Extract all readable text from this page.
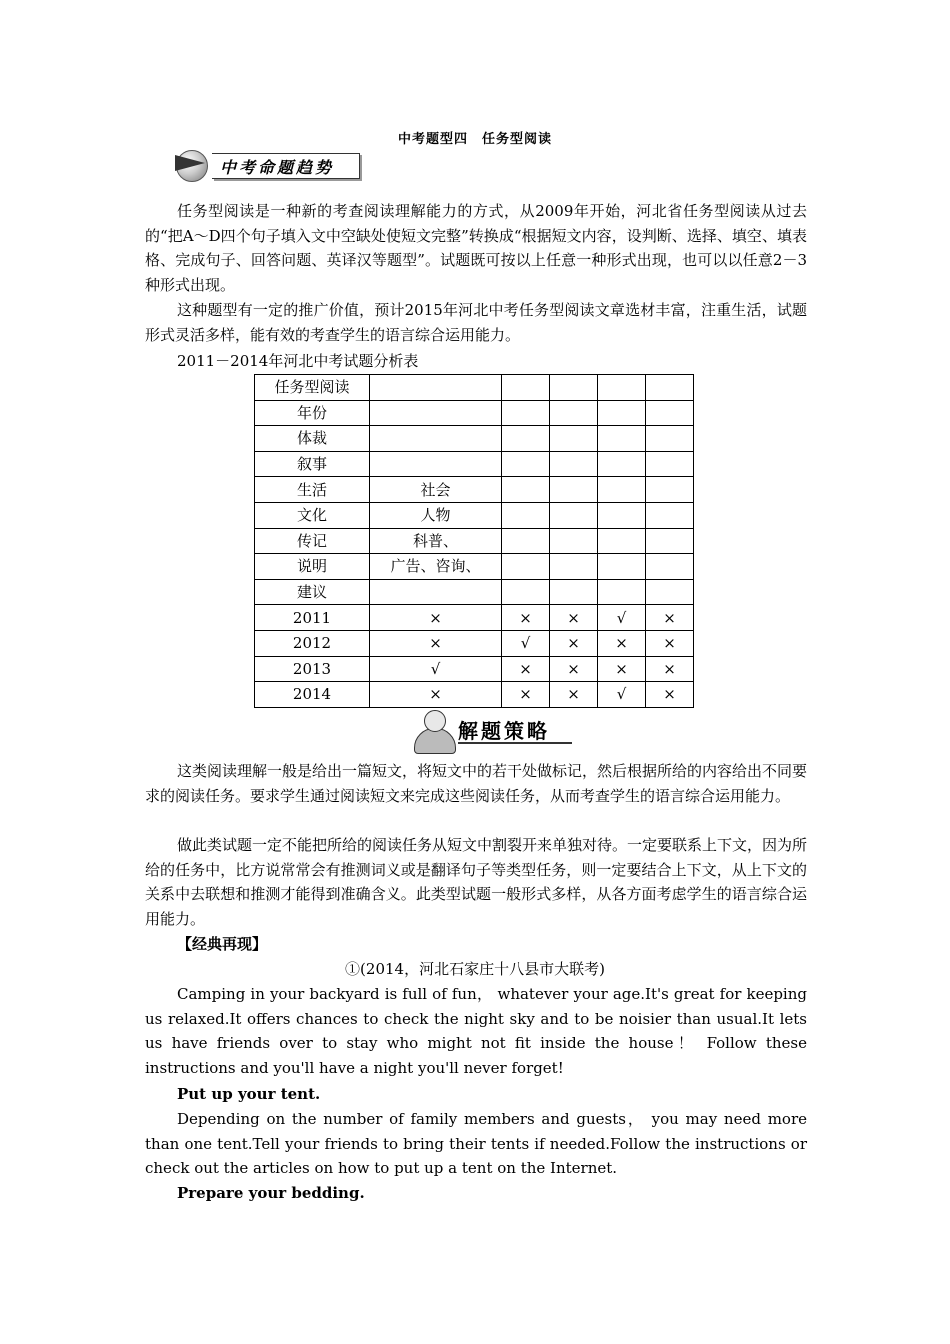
中考题型四　任务型阅读
中考命题趋势

任务型阅读是一种新的考查阅读理解能力的方式，从2009年开始，河北省任务型阅读从过去的“把A～D四个句子填入文中空缺处使短文完整”转换成“根据短文内容，设判断、选择、填空、填表格、完成句子、回答问题、英译汉等题型”。试题既可按以上任意一种形式出现，也可以以任意2－3种形式出现。

这种题型有一定的推广价值，预计2015年河北中考任务型阅读文章选材丰富，注重生活，试题形式灵活多样，能有效的考查学生的语言综合运用能力。

2011－2014年河北中考试题分析表

任务型阅读					
年份					
体裁					
叙事					
生活	社会				
文化	人物				
传记	科普、				
说明	广告、咨询、				
建议					
2011	×	×	×	√	×
2012	×	√	×	×	×
2013	√	×	×	×	×
2014	×	×	×	√	×
解题策略

这类阅读理解一般是给出一篇短文，将短文中的若干处做标记，然后根据所给的内容给出不同要求的阅读任务。要求学生通过阅读短文来完成这些阅读任务，从而考查学生的语言综合运用能力。

做此类试题一定不能把所给的阅读任务从短文中割裂开来单独对待。一定要联系上下文，因为所给的任务中，比方说常常会有推测词义或是翻译句子等类型任务，则一定要结合上下文，从上下文的关系中去联想和推测才能得到准确含义。此类型试题一般形式多样，从各方面考虑学生的语言综合运用能力。

【经典再现】

①(2014，河北石家庄十八县市大联考)

Camping in your backyard is full of fun， whatever your age.It's great for keeping us relaxed.It offers chances to check the night sky and to be noisier than usual.It lets us have friends over to stay who might not fit inside the house！ Follow these instructions and you'll have a night you'll never forget!

Put up your tent.

Depending on the number of family members and guests， you may need more than one tent.Tell your friends to bring their tents if needed.Follow the instructions or check out the articles on how to put up a tent on the Internet.

Prepare your bedding.
